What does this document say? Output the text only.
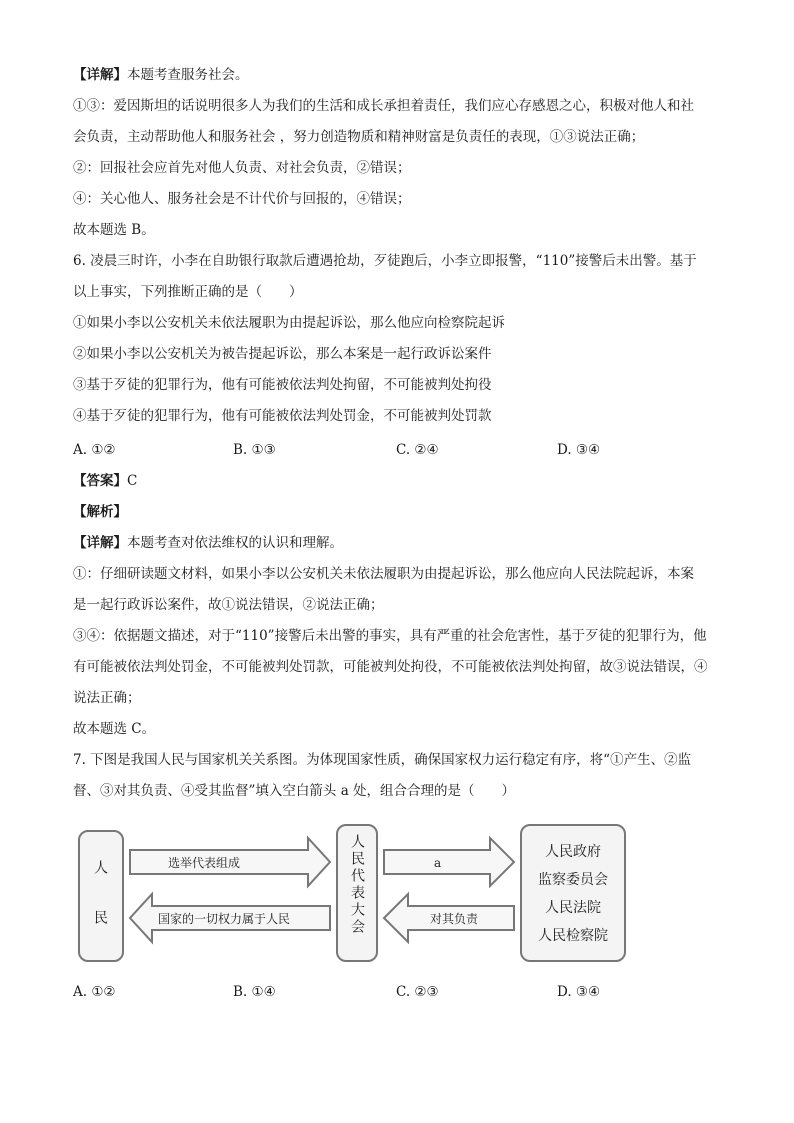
【详解】本题考查服务社会。
①③：爱因斯坦的话说明很多人为我们的生活和成长承担着责任，我们应心存感恩之心，积极对他人和社
会负责，主动帮助他人和服务社会 ，努力创造物质和精神财富是负责任的表现，①③说法正确；
②：回报社会应首先对他人负责、对社会负责，②错误；
④：关心他人、服务社会是不计代价与回报的，④错误；
故本题选 B。
6. 凌晨三时许，小李在自助银行取款后遭遇抢劫，歹徒跑后，小李立即报警，“110”接警后未出警。基于
以上事实，下列推断正确的是（　　）
①如果小李以公安机关未依法履职为由提起诉讼，那么他应向检察院起诉
②如果小李以公安机关为被告提起诉讼，那么本案是一起行政诉讼案件
③基于歹徒的犯罪行为，他有可能被依法判处拘留，不可能被判处拘役
④基于歹徒的犯罪行为，他有可能被依法判处罚金，不可能被判处罚款
A. ①②	B. ①③	C. ②④	D. ③④
【答案】C
【解析】
【详解】本题考查对依法维权的认识和理解。
①：仔细研读题文材料，如果小李以公安机关未依法履职为由提起诉讼，那么他应向人民法院起诉，本案
是一起行政诉讼案件，故①说法错误，②说法正确；
③④：依据题文描述，对于“110”接警后未出警的事实，具有严重的社会危害性，基于歹徒的犯罪行为，他
有可能被依法判处罚金，不可能被判处罚款，可能被判处拘役，不可能被依法判处拘留，故③说法错误，④
说法正确；
故本题选 C。
7. 下图是我国人民与国家机关关系图。为体现国家性质，确保国家权力运行稳定有序，将“①产生、②监
督、③对其负责、④受其监督”填入空白箭头 a 处，组合合理的是（　　）
人民	人民代表大会	人民政府
监察委员会
人民法院
人民检察院
选举代表组成
国家的一切权力属于人民
a
对其负责
A. ①②	B. ①④	C. ②③	D. ③④
